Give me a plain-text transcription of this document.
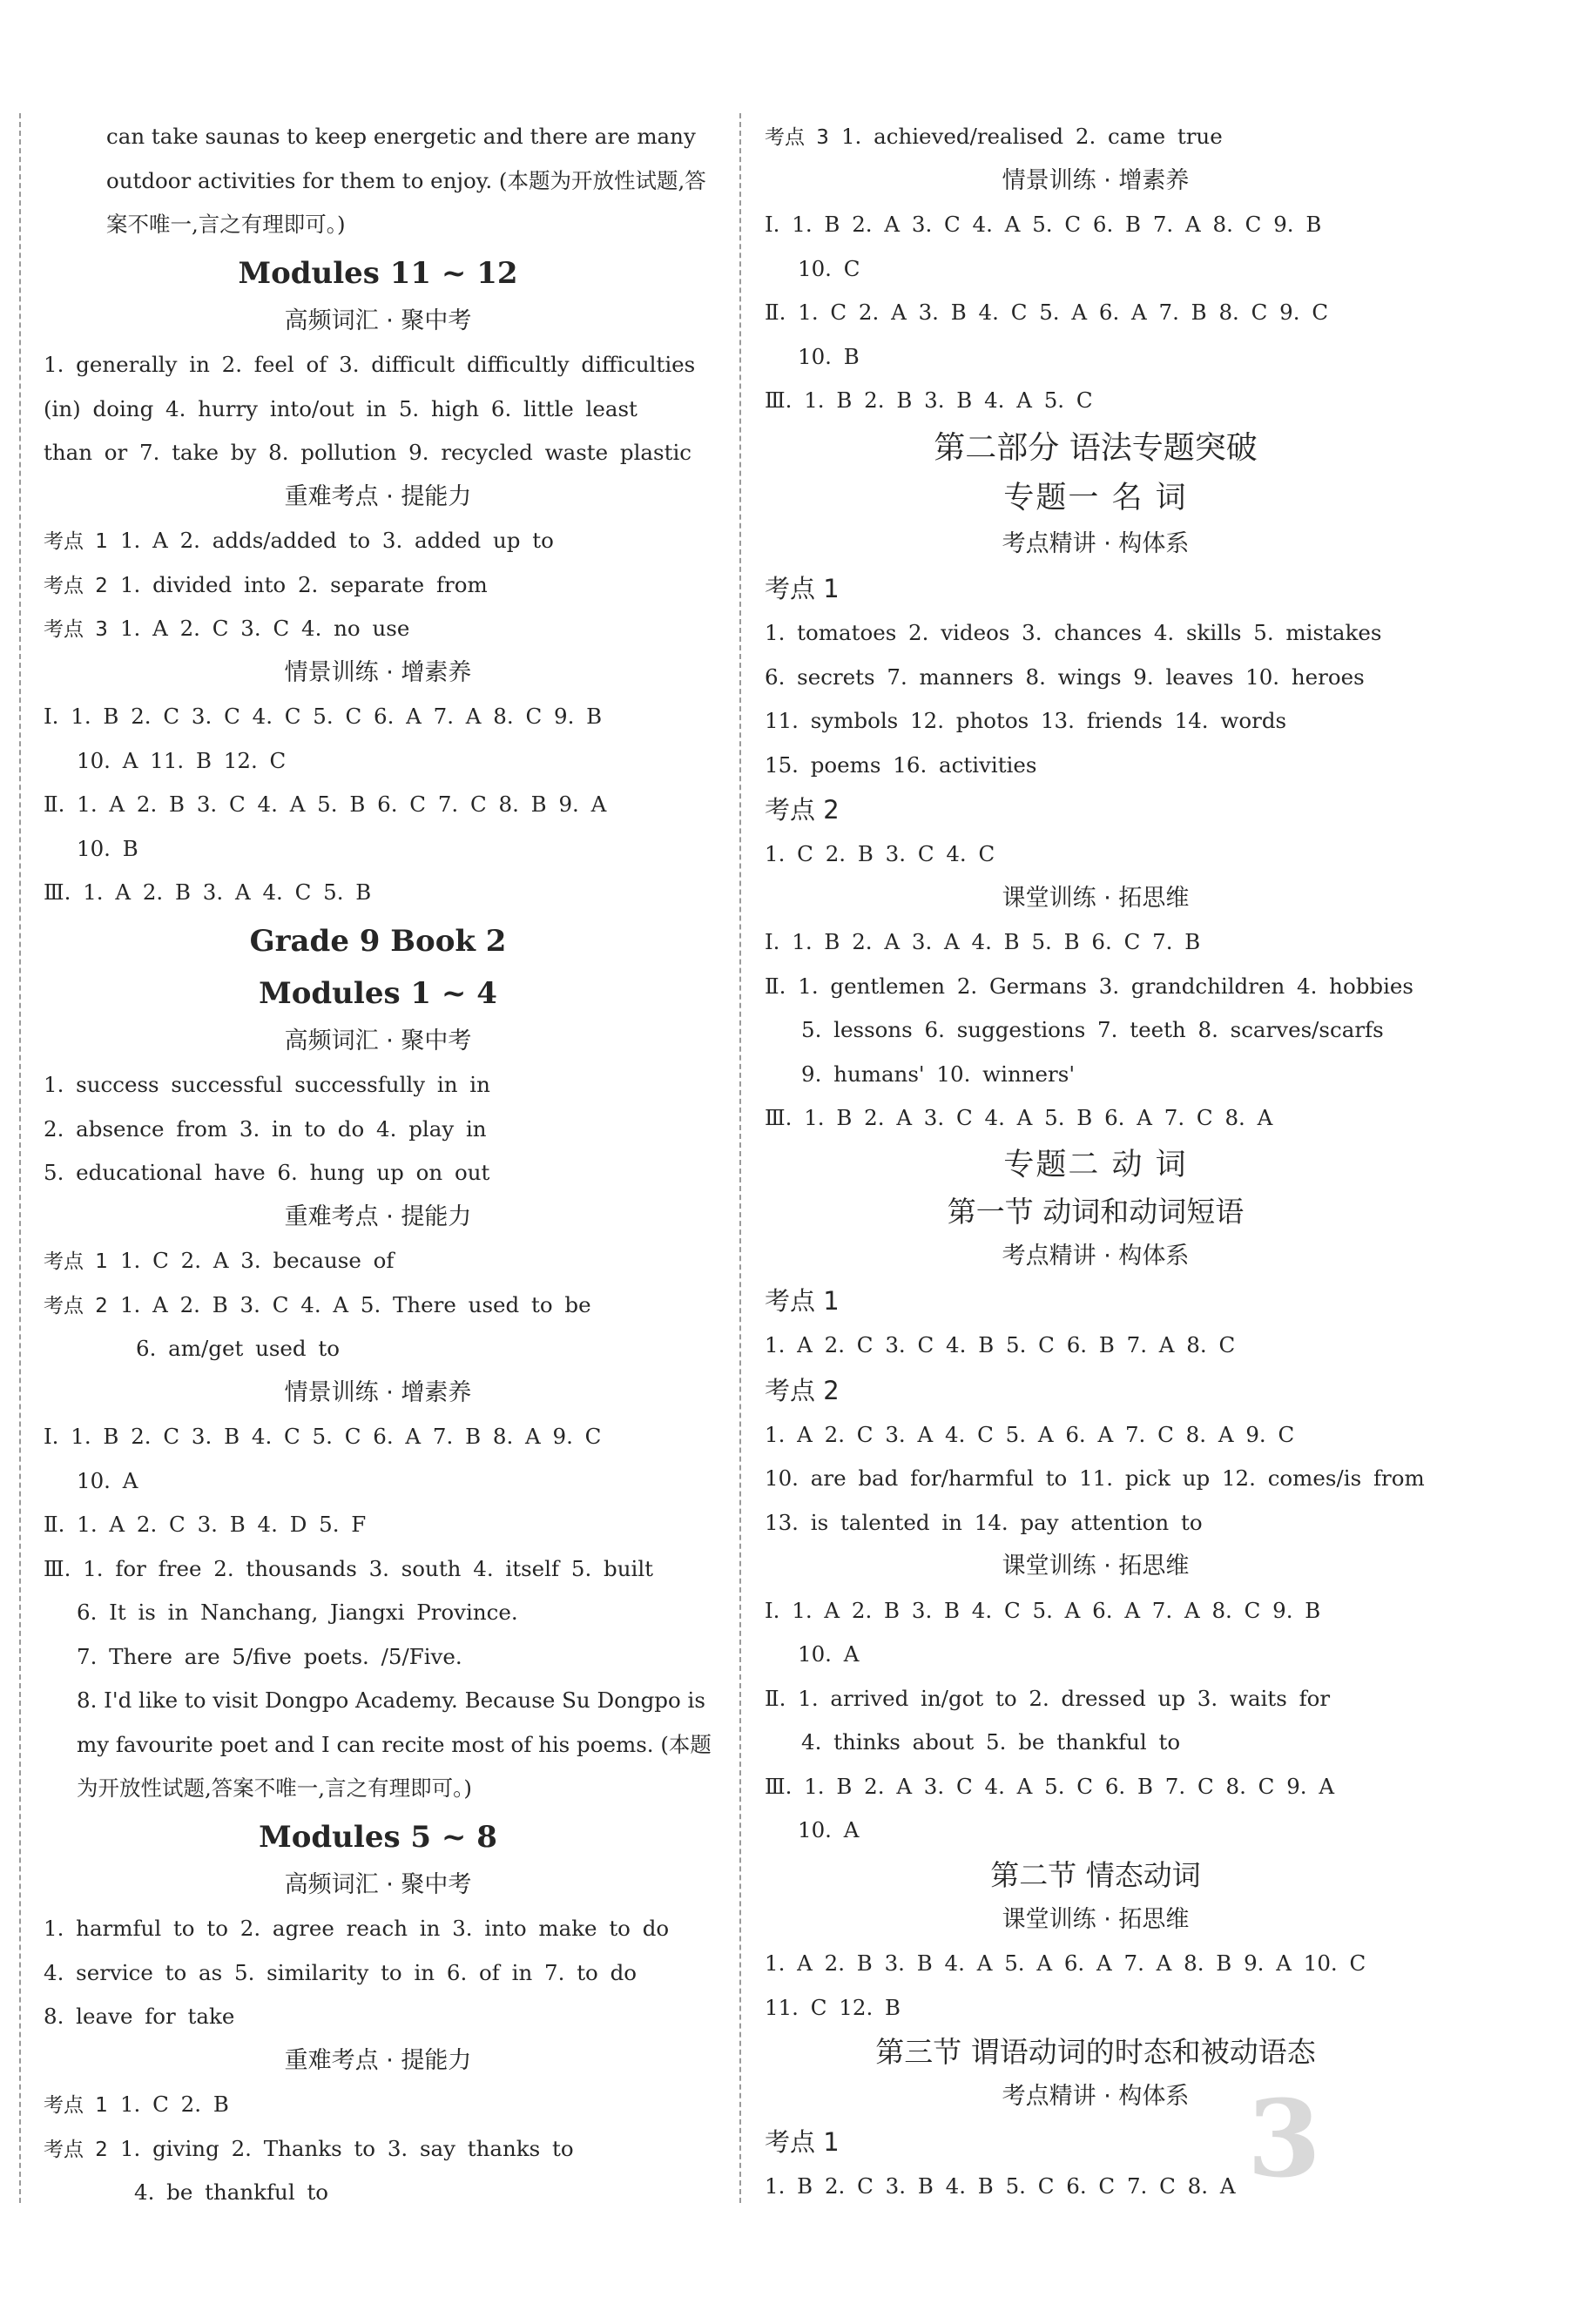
can take saunas to keep energetic and there are many outdoor activities for them to enjoy. (本题为开放性试题,答案不唯一,言之有理即可。)
Modules 11 ~ 12
高频词汇 · 聚中考
1. generally in 2. feel of 3. difficult difficultly difficulties
(in) doing 4. hurry into/out in 5. high 6. little least
than or 7. take by 8. pollution 9. recycled waste plastic
重难考点 · 提能力
考点 1 1. A 2. adds/added to 3. added up to
考点 2 1. divided into 2. separate from
考点 3 1. A 2. C 3. C 4. no use
情景训练 · 增素养
Ⅰ. 1. B 2. C 3. C 4. C 5. C 6. A 7. A 8. C 9. B
10. A 11. B 12. C
Ⅱ. 1. A 2. B 3. C 4. A 5. B 6. C 7. C 8. B 9. A
10. B
Ⅲ. 1. A 2. B 3. A 4. C 5. B
Grade 9 Book 2
Modules 1 ~ 4
高频词汇 · 聚中考
1. success successful successfully in in
2. absence from 3. in to do 4. play in
5. educational have 6. hung up on out
重难考点 · 提能力
考点 1 1. C 2. A 3. because of
考点 2 1. A 2. B 3. C 4. A 5. There used to be
6. am/get used to
情景训练 · 增素养
Ⅰ. 1. B 2. C 3. B 4. C 5. C 6. A 7. B 8. A 9. C
10. A
Ⅱ. 1. A 2. C 3. B 4. D 5. F
Ⅲ. 1. for free 2. thousands 3. south 4. itself 5. built
6. It is in Nanchang, Jiangxi Province.
7. There are 5/five poets. /5/Five.
8. I'd like to visit Dongpo Academy. Because Su Dongpo is my favourite poet and I can recite most of his poems. (本题为开放性试题,答案不唯一,言之有理即可。)
Modules 5 ~ 8
高频词汇 · 聚中考
1. harmful to to 2. agree reach in 3. into make to do
4. service to as 5. similarity to in 6. of in 7. to do
8. leave for take
重难考点 · 提能力
考点 1 1. C 2. B
考点 2 1. giving 2. Thanks to 3. say thanks to
4. be thankful to
考点 3 1. achieved/realised 2. came true
情景训练 · 增素养
Ⅰ. 1. B 2. A 3. C 4. A 5. C 6. B 7. A 8. C 9. B
10. C
Ⅱ. 1. C 2. A 3. B 4. C 5. A 6. A 7. B 8. C 9. C
10. B
Ⅲ. 1. B 2. B 3. B 4. A 5. C
第二部分 语法专题突破
专题一 名 词
考点精讲 · 构体系
考点 1
1. tomatoes 2. videos 3. chances 4. skills 5. mistakes
6. secrets 7. manners 8. wings 9. leaves 10. heroes
11. symbols 12. photos 13. friends 14. words
15. poems 16. activities
考点 2
1. C 2. B 3. C 4. C
课堂训练 · 拓思维
Ⅰ. 1. B 2. A 3. A 4. B 5. B 6. C 7. B
Ⅱ. 1. gentlemen 2. Germans 3. grandchildren 4. hobbies
5. lessons 6. suggestions 7. teeth 8. scarves/scarfs
9. humans' 10. winners'
Ⅲ. 1. B 2. A 3. C 4. A 5. B 6. A 7. C 8. A
专题二 动 词
第一节 动词和动词短语
考点精讲 · 构体系
考点 1
1. A 2. C 3. C 4. B 5. C 6. B 7. A 8. C
考点 2
1. A 2. C 3. A 4. C 5. A 6. A 7. C 8. A 9. C
10. are bad for/harmful to 11. pick up 12. comes/is from
13. is talented in 14. pay attention to
课堂训练 · 拓思维
Ⅰ. 1. A 2. B 3. B 4. C 5. A 6. A 7. A 8. C 9. B
10. A
Ⅱ. 1. arrived in/got to 2. dressed up 3. waits for
4. thinks about 5. be thankful to
Ⅲ. 1. B 2. A 3. C 4. A 5. C 6. B 7. C 8. C 9. A
10. A
第二节 情态动词
课堂训练 · 拓思维
1. A 2. B 3. B 4. A 5. A 6. A 7. A 8. B 9. A 10. C
11. C 12. B
第三节 谓语动词的时态和被动语态
考点精讲 · 构体系
考点 1
1. B 2. C 3. B 4. B 5. C 6. C 7. C 8. A 3
